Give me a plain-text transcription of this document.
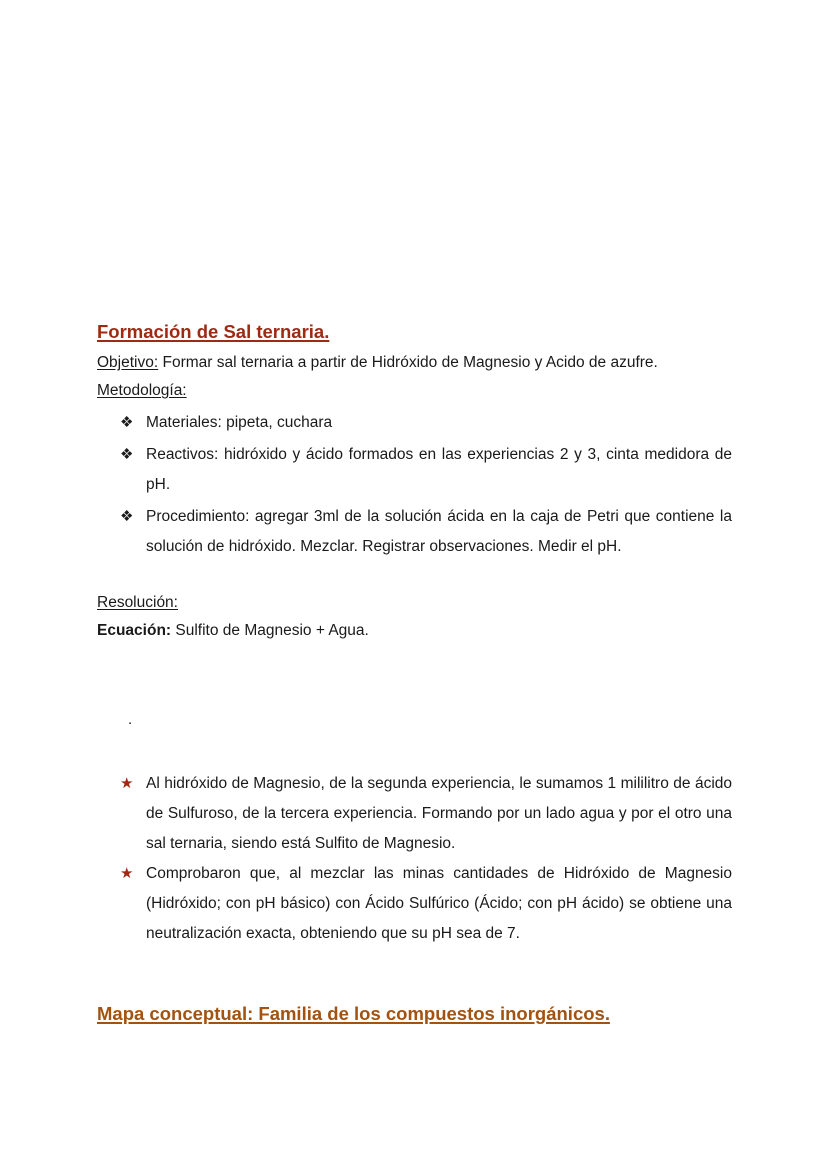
Formación de Sal ternaria.
Objetivo: Formar sal ternaria a partir de Hidróxido de Magnesio y Acido de azufre.
Metodología:
❖ Materiales: pipeta, cuchara
❖ Reactivos: hidróxido y ácido formados en las experiencias 2 y 3, cinta medidora de pH.
❖ Procedimiento: agregar 3ml de la solución ácida en la caja de Petri que contiene la solución de hidróxido. Mezclar. Registrar observaciones. Medir el pH.
Resolución:
Ecuación: Sulfito de Magnesio + Agua.
.
★ Al hidróxido de Magnesio, de la segunda experiencia, le sumamos 1 mililitro de ácido de Sulfuroso, de la tercera experiencia. Formando por un lado agua y por el otro una sal ternaria, siendo está Sulfito de Magnesio.
★ Comprobaron que, al mezclar las minas cantidades de Hidróxido de Magnesio (Hidróxido; con pH básico) con Ácido Sulfúrico (Ácido; con pH ácido) se obtiene una neutralización exacta, obteniendo que su pH sea de 7.
Mapa conceptual: Familia de los compuestos inorgánicos.
